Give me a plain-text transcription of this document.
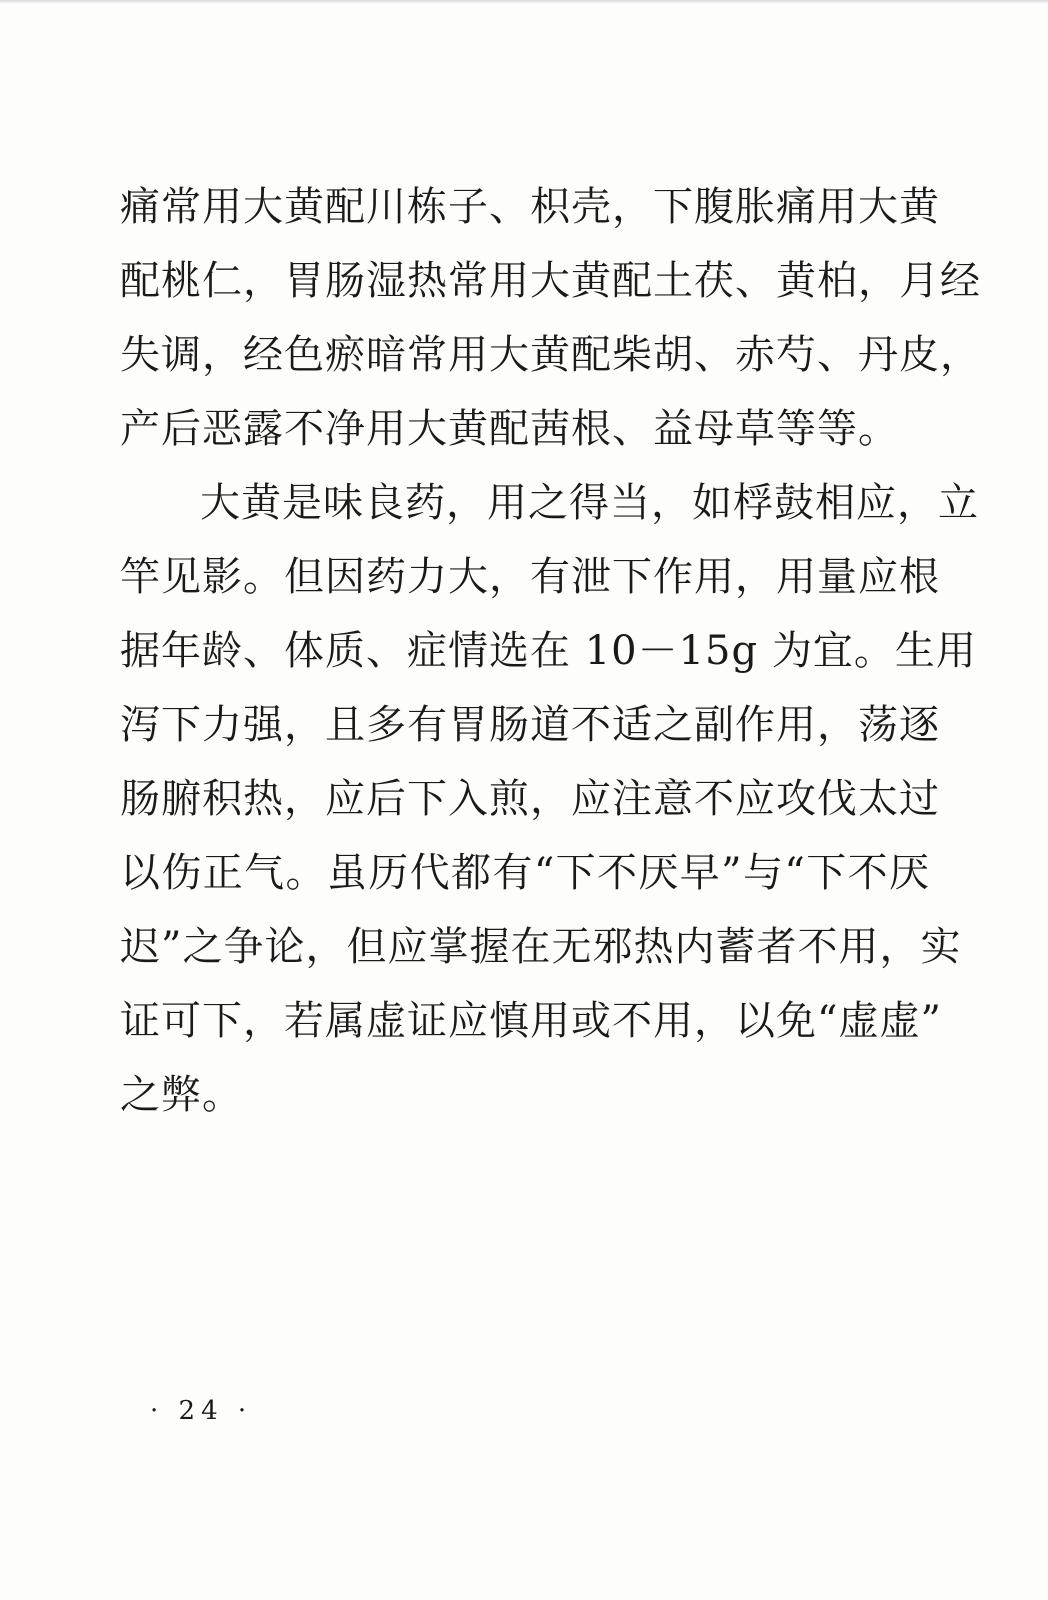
痛常用大黄配川栋子、枳壳，下腹胀痛用大黄
配桃仁，胃肠湿热常用大黄配土茯、黄柏，月经
失调，经色瘀暗常用大黄配柴胡、赤芍、丹皮，
产后恶露不净用大黄配茜根、益母草等等。
大黄是味良药，用之得当，如桴鼓相应，立
竿见影。但因药力大，有泄下作用，用量应根
据年龄、体质、症情选在 10－15g 为宜。生用
泻下力强，且多有胃肠道不适之副作用，荡逐
肠腑积热，应后下入煎，应注意不应攻伐太过
以伤正气。虽历代都有“下不厌早”与“下不厌
迟”之争论，但应掌握在无邪热内蓄者不用，实
证可下，若属虚证应慎用或不用，以免“虚虚”
之弊。
· 24 ·
